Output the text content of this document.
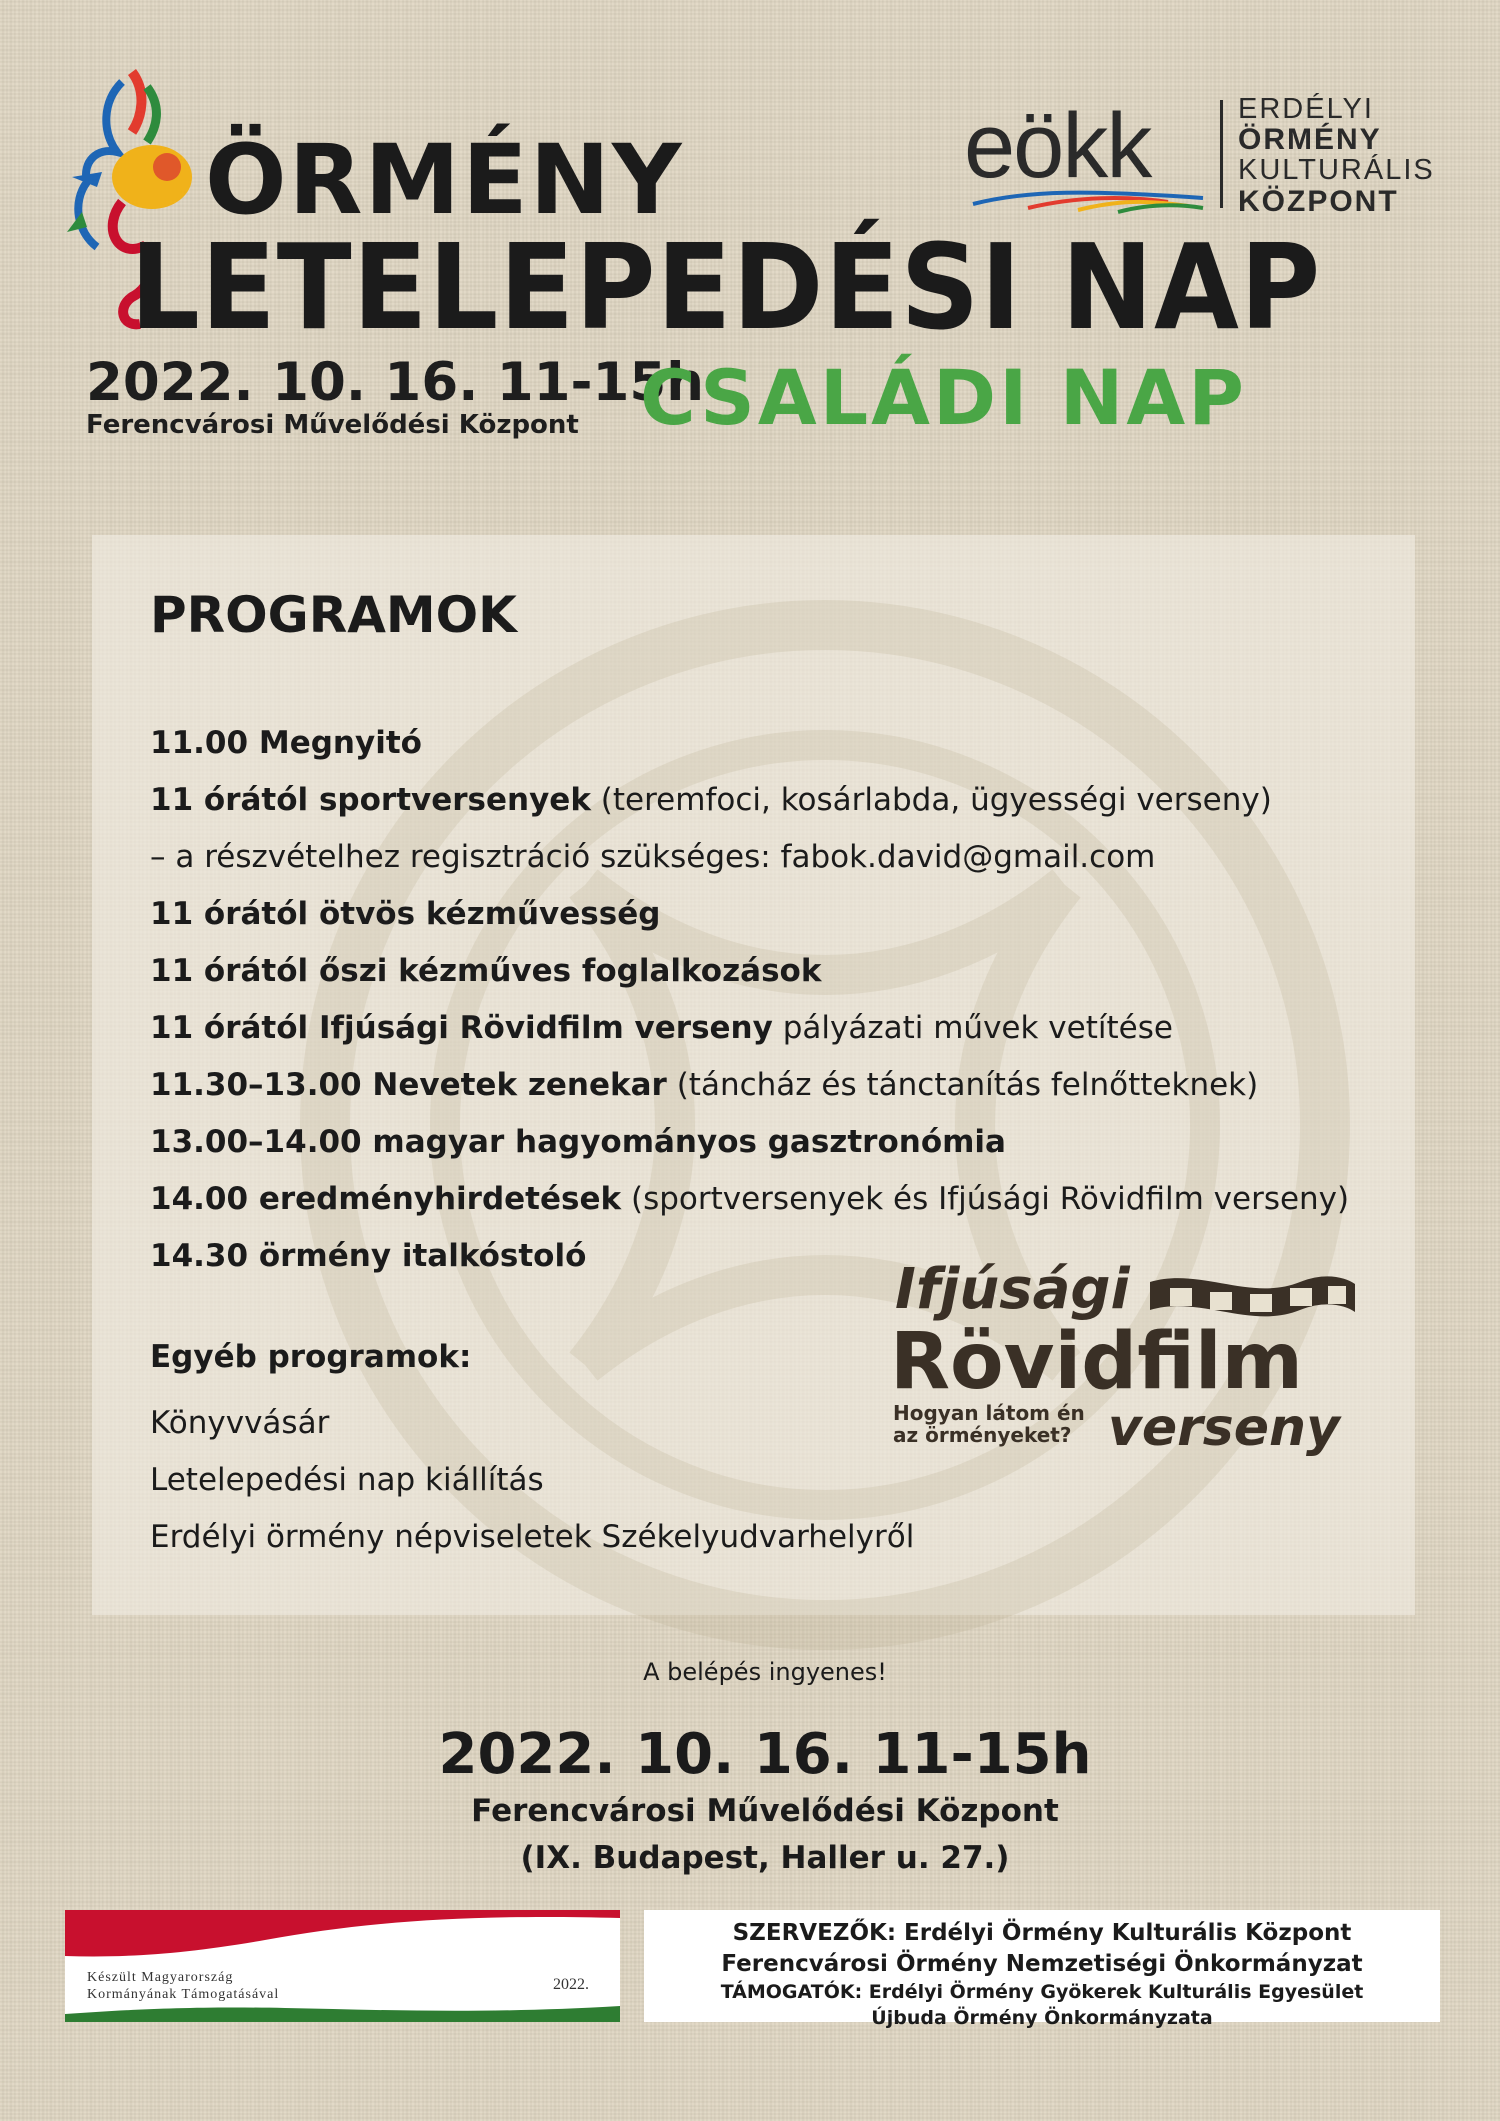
ÖRMÉNY
LETELEPEDÉSI NAP
2022. 10. 16. 11-15h
Ferencvárosi Művelődési Központ CSALÁDI NAP
eökk	ERDÉLYI
ÖRMÉNY
KULTURÁLIS
KÖZPONT
PROGRAMOK
11.00 Megnyitó
11 órától sportversenyek (teremfoci, kosárlabda, ügyességi verseny)
– a részvételhez regisztráció szükséges: fabok.david@gmail.com
11 órától ötvös kézművesség
11 órától őszi kézműves foglalkozások
11 órától Ifjúsági Rövidfilm verseny pályázati művek vetítése
11.30–13.00 Nevetek zenekar (táncház és tánctanítás felnőtteknek)
13.00–14.00 magyar hagyományos gasztronómia
14.00 eredményhirdetések (sportversenyek és Ifjúsági Rövidfilm verseny)
14.30 örmény italkóstoló
Egyéb programok:
Könyvvásár
Letelepedési nap kiállítás
Erdélyi örmény népviseletek Székelyudvarhelyről
Ifjúsági
Rövidfilm
Hogyan látom én
az örményeket? verseny
A belépés ingyenes!
2022. 10. 16. 11-15h
Ferencvárosi Művelődési Központ
(IX. Budapest, Haller u. 27.)
Készült Magyarország
Kormányának Támogatásával
2022.
SZERVEZŐK: Erdélyi Örmény Kulturális Központ
Ferencvárosi Örmény Nemzetiségi Önkormányzat
TÁMOGATÓK: Erdélyi Örmény Gyökerek Kulturális Egyesület
Újbuda Örmény Önkormányzata
